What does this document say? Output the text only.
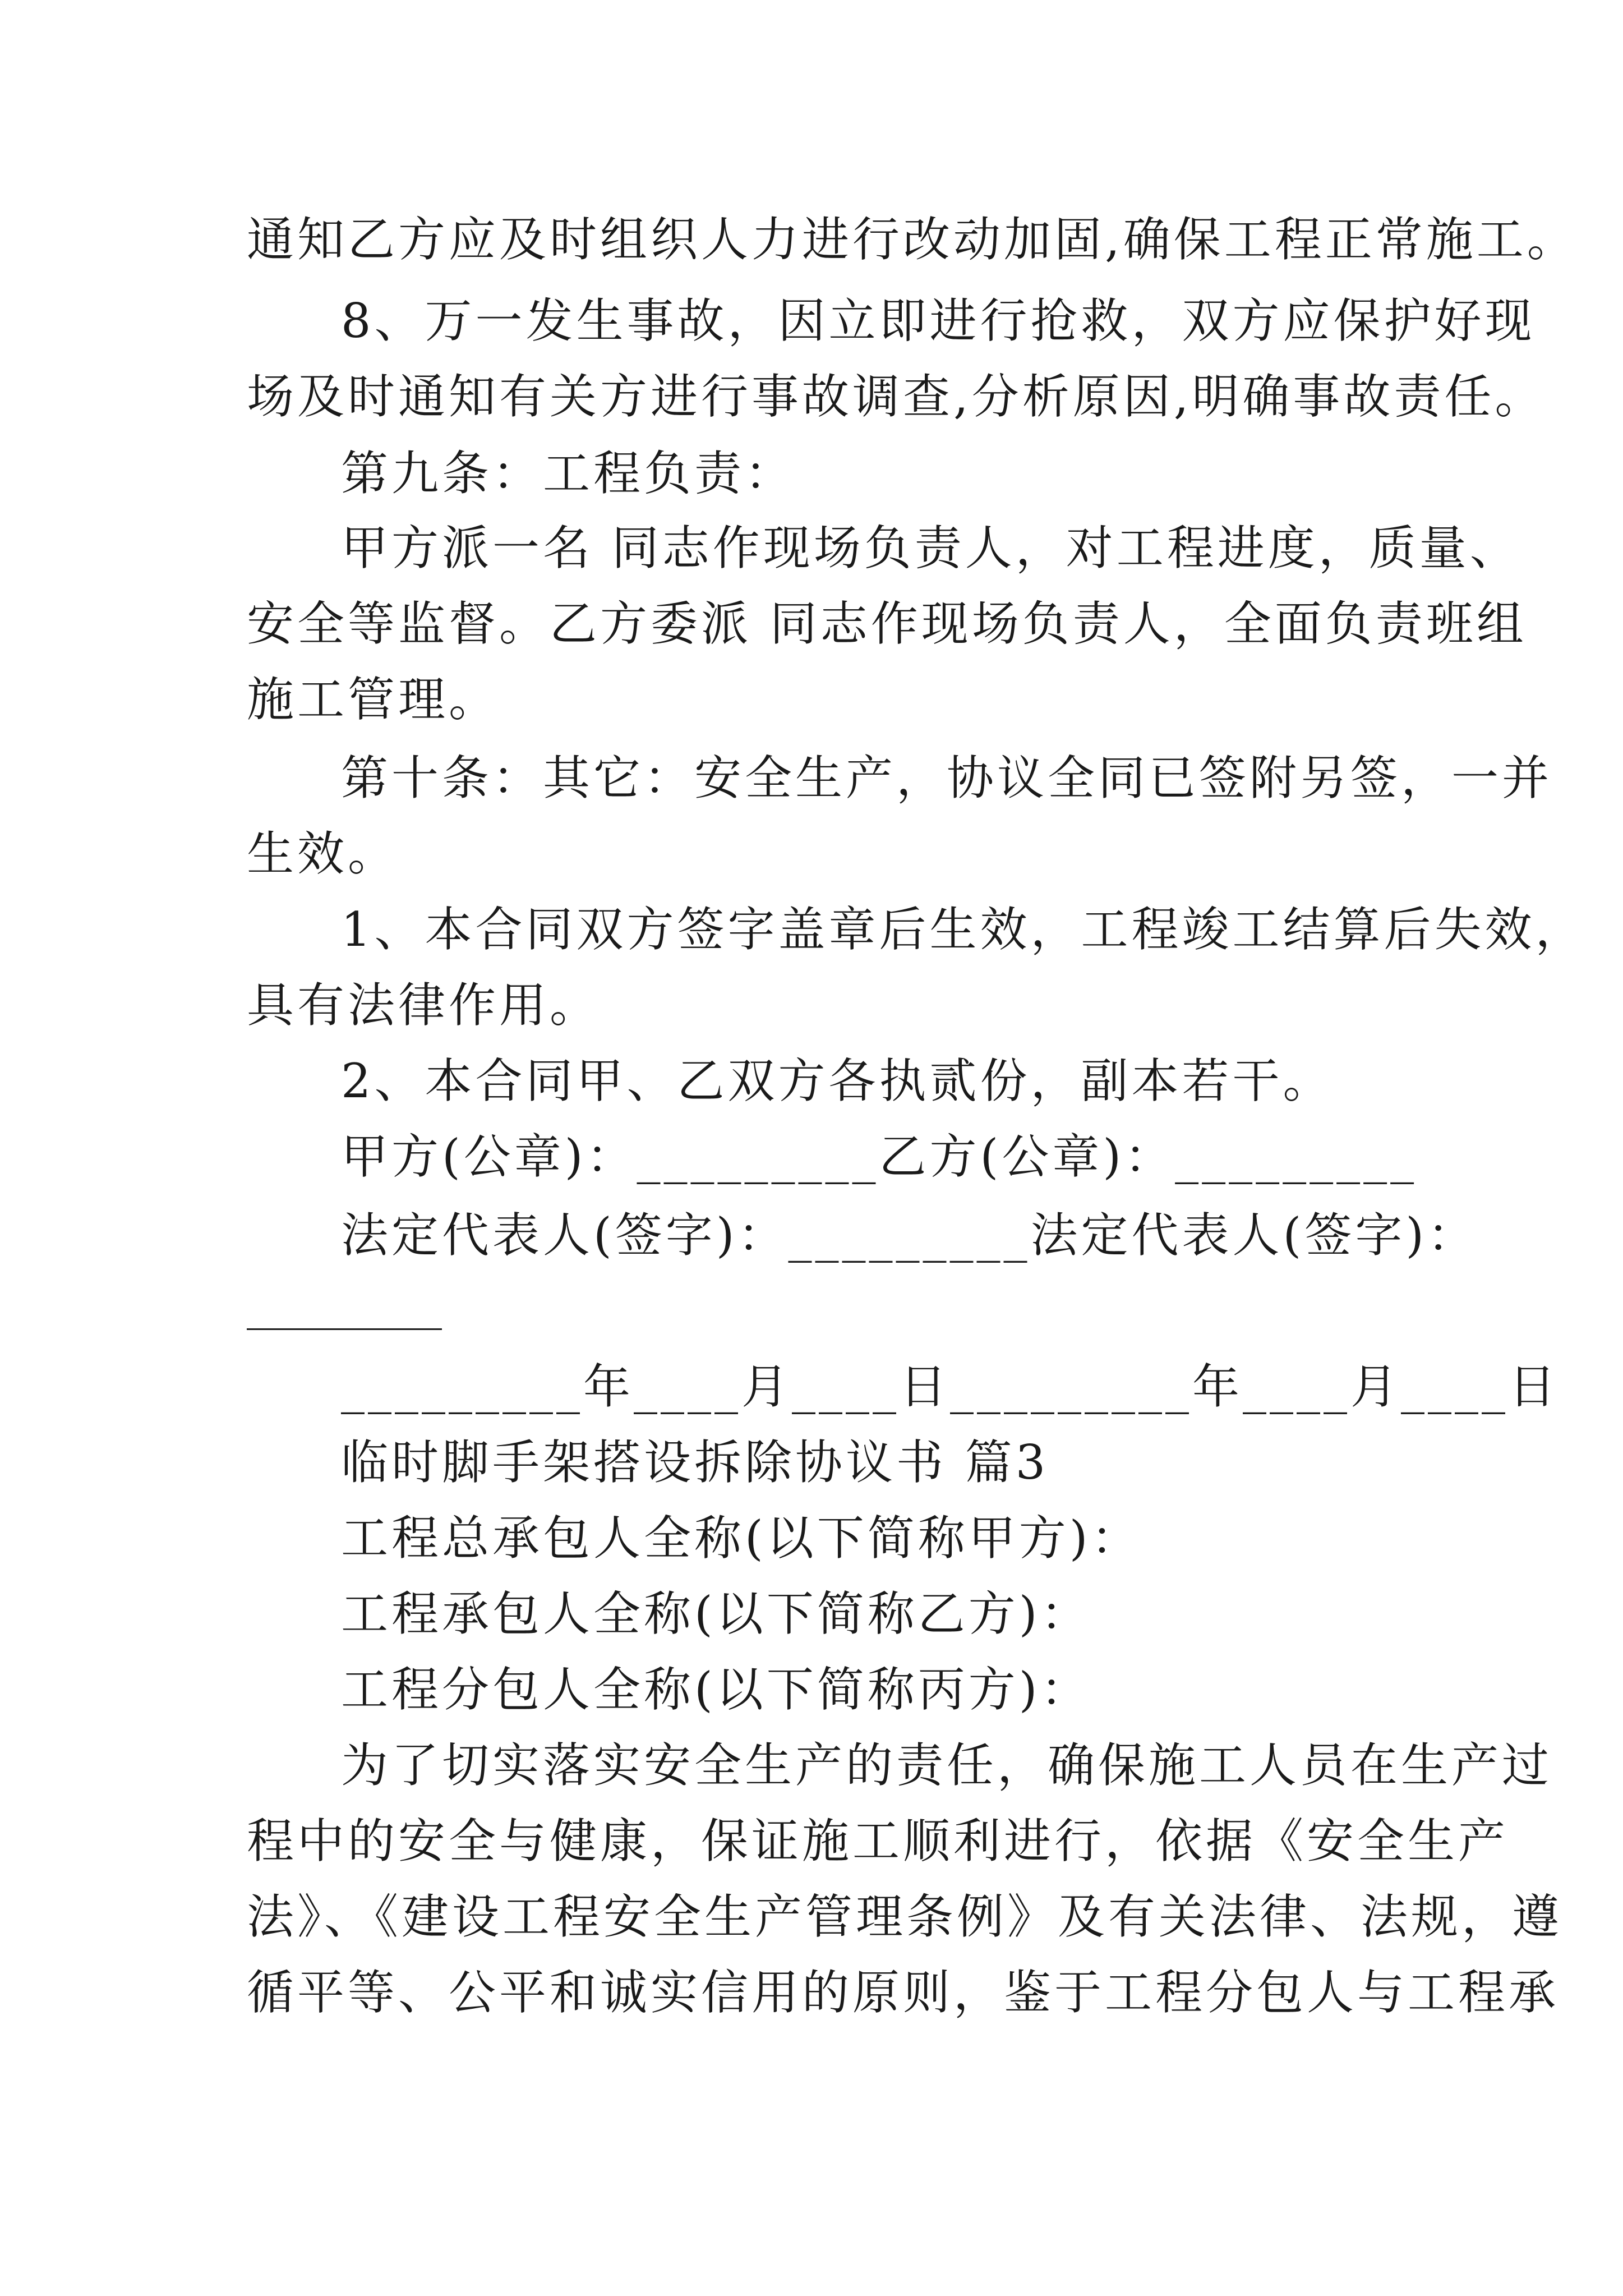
通知乙方应及时组织人力进行改动加固,确保工程正常施工。
8、万一发生事故，因立即进行抢救，双方应保护好现
场及时通知有关方进行事故调查,分析原因,明确事故责任。
第九条：工程负责：
甲方派一名 同志作现场负责人，对工程进度，质量、
安全等监督。乙方委派 同志作现场负责人，全面负责班组
施工管理。
第十条：其它：安全生产，协议全同已签附另签，一并
生效。
1、本合同双方签字盖章后生效，工程竣工结算后失效，
具有法律作用。
2、本合同甲、乙双方各执贰份，副本若干。
甲方(公章)：_________乙方(公章)：_________
法定代表人(签字)：_________法定代表人(签字)：
_________年____月____日_________年____月____日
临时脚手架搭设拆除协议书 篇3
工程总承包人全称(以下简称甲方)：
工程承包人全称(以下简称乙方)：
工程分包人全称(以下简称丙方)：
为了切实落实安全生产的责任，确保施工人员在生产过
程中的安全与健康，保证施工顺利进行，依据《安全生产
法》、《建设工程安全生产管理条例》及有关法律、法规，遵
循平等、公平和诚实信用的原则，鉴于工程分包人与工程承
